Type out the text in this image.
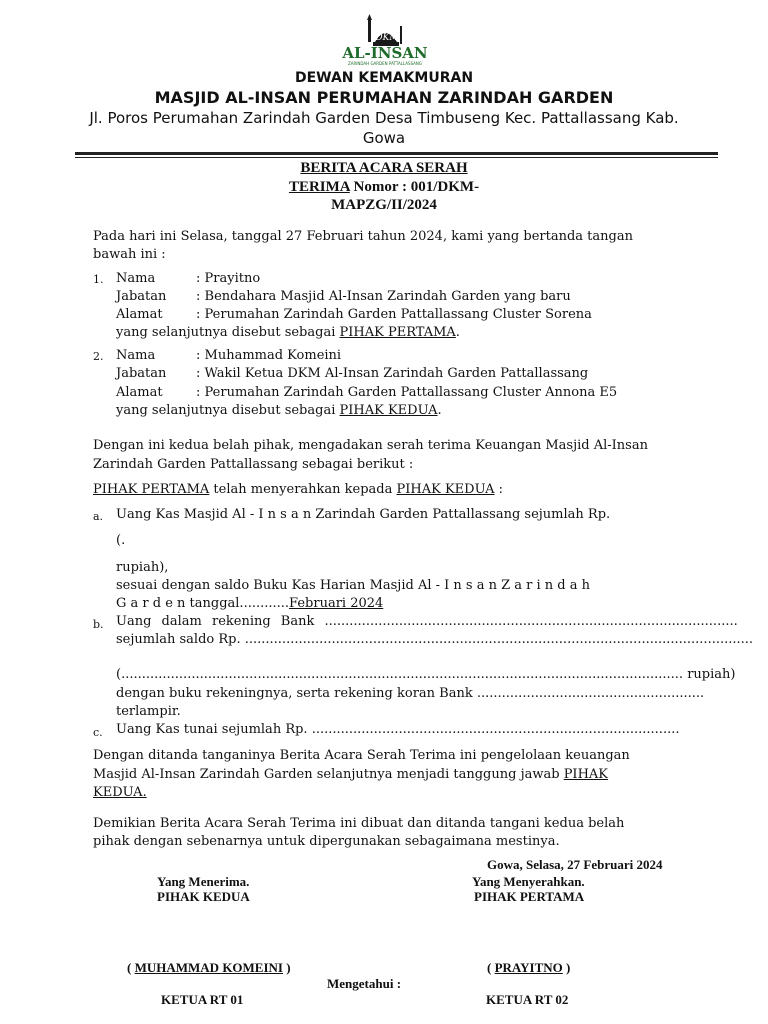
DKM
AL-INSAN
ZARINDAH GARDEN PATTALLASSANG
DEWAN KEMAKMURAN
MASJID AL-INSAN PERUMAHAN ZARINDAH GARDEN
Jl. Poros Perumahan Zarindah Garden Desa Timbuseng Kec. Pattallassang Kab.
Gowa
BERITA ACARA SERAH
TERIMA Nomor : 001/DKM-
MAPZG/II/2024
Pada hari ini Selasa, tanggal 27 Februari tahun 2024, kami yang bertanda tangan
bawah ini :
1. Nama	: Prayitno
Jabatan : Bendahara Masjid Al-Insan Zarindah Garden yang baru
Alamat	: Perumahan Zarindah Garden Pattallassang Cluster Sorena
yang selanjutnya disebut sebagai PIHAK PERTAMA.
2. Nama	: Muhammad Komeini
Jabatan : Wakil Ketua DKM Al-Insan Zarindah Garden Pattallassang
Alamat	: Perumahan Zarindah Garden Pattallassang Cluster Annona E5
yang selanjutnya disebut sebagai PIHAK KEDUA.
Dengan ini kedua belah pihak, mengadakan serah terima Keuangan Masjid Al-Insan
Zarindah Garden Pattallassang sebagai berikut :
PIHAK PERTAMA telah menyerahkan kepada PIHAK KEDUA :
a. Uang Kas Masjid Al - I n s a n Zarindah Garden Pattallassang sejumlah Rp.
(.
rupiah),
sesuai dengan saldo Buku Kas Harian Masjid Al - I n s a n Z a r i n d a h
G a r d e n tanggal............Februari 2024
b. Uang dalam rekening Bank ....................................................................................................
sejumlah saldo Rp. ...........................................................................................................................
(........................................................................................................................................ rupiah)
dengan buku rekeningnya, serta rekening koran Bank .......................................................
terlampir.
c. Uang Kas tunai sejumlah Rp. .........................................................................................
Dengan ditanda tanganinya Berita Acara Serah Terima ini pengelolaan keuangan
Masjid Al-Insan Zarindah Garden selanjutnya menjadi tanggung jawab PIHAK
KEDUA.
Demikian Berita Acara Serah Terima ini dibuat dan ditanda tangani kedua belah
pihak dengan sebenarnya untuk dipergunakan sebagaimana mestinya.
Gowa, Selasa, 27 Februari 2024
Yang Menerima.
PIHAK KEDUA
Yang Menyerahkan.
PIHAK PERTAMA
( MUHAMMAD KOMEINI )	( PRAYITNO )
Mengetahui :
KETUA RT 01	KETUA RT 02
